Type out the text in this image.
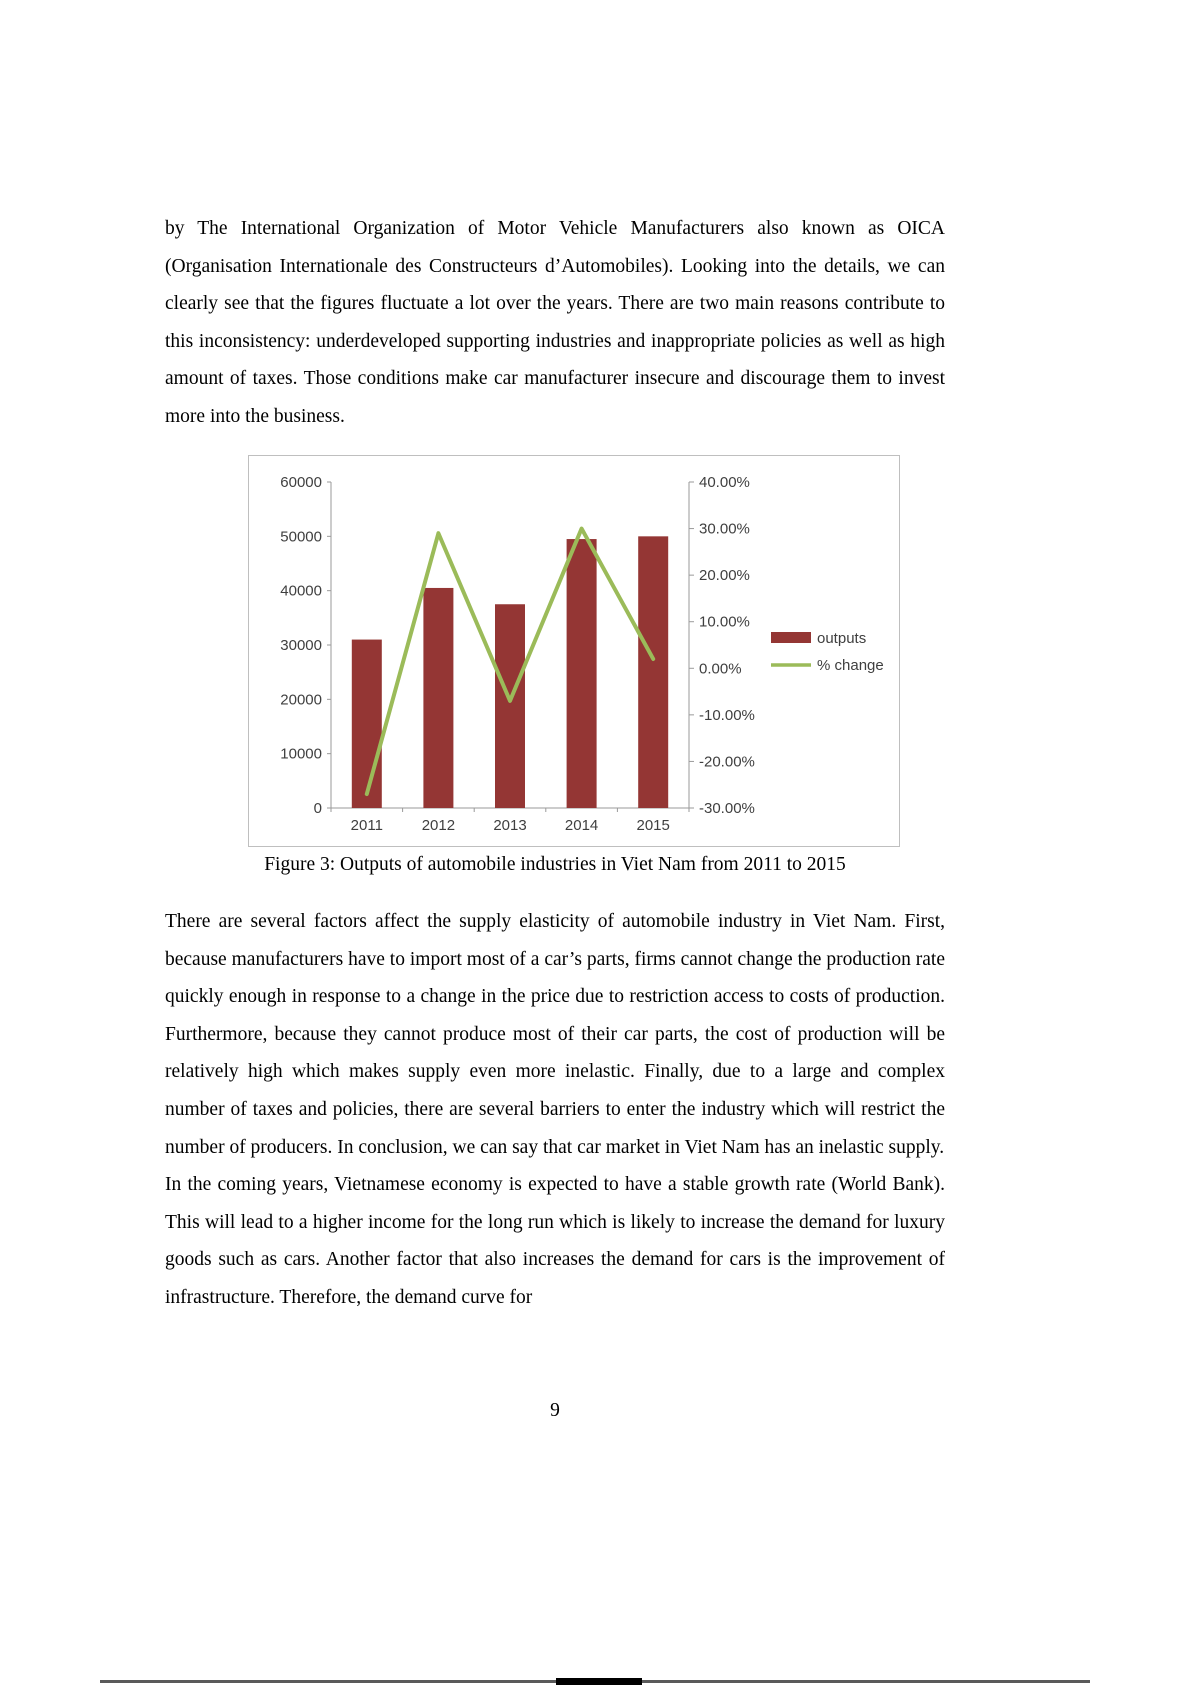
by The International Organization of Motor Vehicle Manufacturers also known as OICA (Organisation Internationale des Constructeurs d’Automobiles). Looking into the details, we can clearly see that the figures fluctuate a lot over the years. There are two main reasons contribute to this inconsistency: underdeveloped supporting industries and inappropriate policies as well as high amount of taxes. Those conditions make car manufacturer insecure and discourage them to invest more into the business.

60000
50000
40000
30000
20000
10000
0
40.00%
30.00%
20.00%
10.00%
0.00%
-10.00%
-20.00%
-30.00%
2011	2012	2013	2014	2015
outputs
% change
Figure 3: Outputs of automobile industries in Viet Nam from 2011 to 2015

There are several factors affect the supply elasticity of automobile industry in Viet Nam. First, because manufacturers have to import most of a car’s parts, firms cannot change the production rate quickly enough in response to a change in the price due to restriction access to costs of production. Furthermore, because they cannot produce most of their car parts, the cost of production will be relatively high which makes supply even more inelastic. Finally, due to a large and complex number of taxes and policies, there are several barriers to enter the industry which will restrict the number of producers. In conclusion, we can say that car market in Viet Nam has an inelastic supply.

In the coming years, Vietnamese economy is expected to have a stable growth rate (World Bank). This will lead to a higher income for the long run which is likely to increase the demand for luxury goods such as cars. Another factor that also increases the demand for cars is the improvement of infrastructure. Therefore, the demand curve for

9
